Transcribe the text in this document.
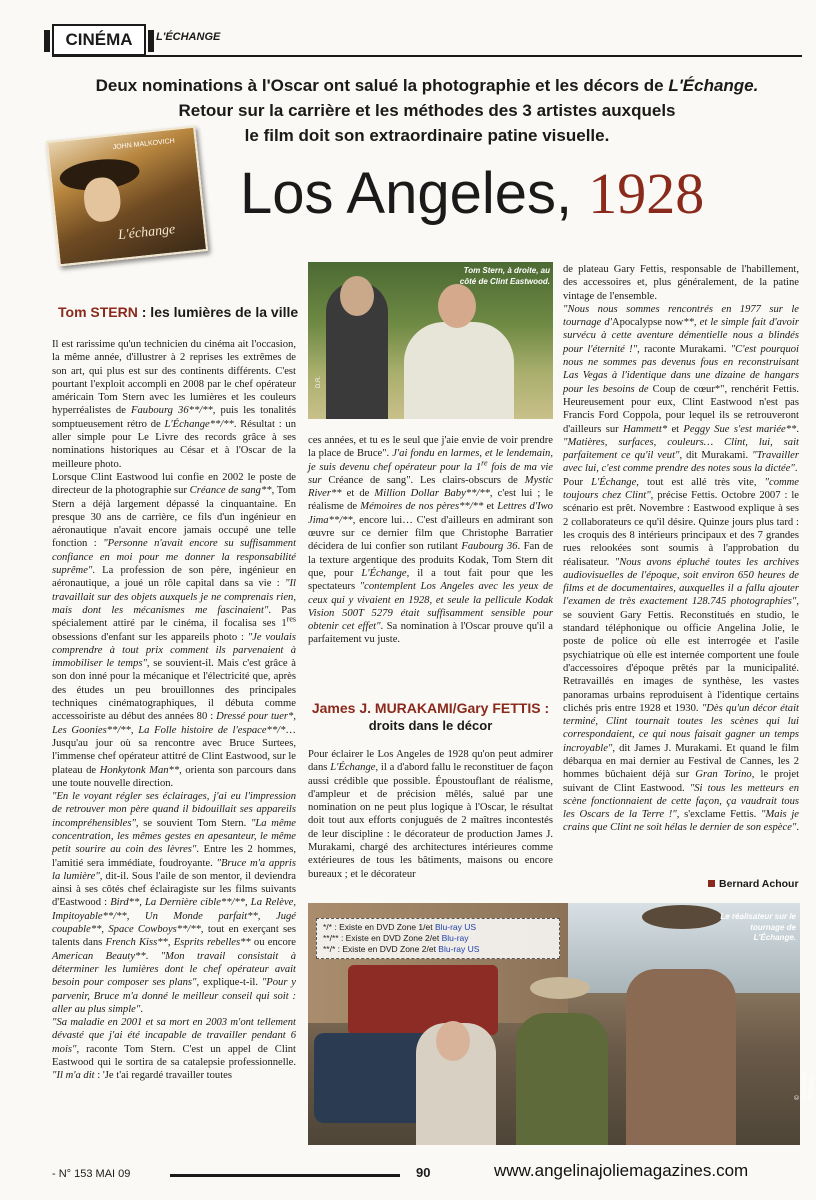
CINÉMA	L'ÉCHANGE
Deux nominations à l'Oscar ont salué la photographie et les décors de L'Échange.
Retour sur la carrière et les méthodes des 3 artistes auxquels
le film doit son extraordinaire patine visuelle.
JOHN MALKOVICH
L'échange
Los Angeles, 1928
Tom STERN : les lumières de la ville
Il est rarissime qu'un technicien du cinéma ait l'occasion, la même année, d'illustrer à 2 reprises les extrêmes de son art, qui plus est sur des continents différents. C'est pourtant l'exploit accompli en 2008 par le chef opérateur américain Tom Stern avec les lumières et les couleurs hyperréalistes de Faubourg 36**/**, puis les tonalités somptueusement rétro de L'Échange**/**. Résultat : un aller simple pour Le Livre des records grâce à ses nominations historiques au César et à l'Oscar de la meilleure photo.
Lorsque Clint Eastwood lui confie en 2002 le poste de directeur de la photographie sur Créance de sang**, Tom Stern a déjà largement dépassé la cinquantaine. En presque 30 ans de carrière, ce fils d'un ingénieur en aéronautique n'avait encore jamais occupé une telle fonction : "Personne n'avait encore su suffisamment confiance en moi pour me donner la responsabilité suprême". La profession de son père, ingénieur en aéronautique, a joué un rôle capital dans sa vie : "Il travaillait sur des objets auxquels je ne comprenais rien, mais dont les mécanismes me fascinaient". Pas spécialement attiré par le cinéma, il focalisa ses 1res obsessions d'enfant sur les appareils photo : "Je voulais comprendre à tout prix comment ils parvenaient à immobiliser le temps", se souvient-il. Mais c'est grâce à son don inné pour la mécanique et l'électricité que, après des études un peu brouillonnes des principales techniques cinématographiques, il débuta comme accessoiriste au début des années 80 : Dressé pour tuer*, Les Goonies**/**, La Folle histoire de l'espace**/*… Jusqu'au jour où sa rencontre avec Bruce Surtees, l'immense chef opérateur attitré de Clint Eastwood, sur le plateau de Honkytonk Man**, orienta son parcours dans une toute nouvelle direction.
"En le voyant régler ses éclairages, j'ai eu l'impression de retrouver mon père quand il bidouillait ses appareils incompréhensibles", se souvient Tom Stern. "La même concentration, les mêmes gestes en apesanteur, le même petit sourire au coin des lèvres". Entre les 2 hommes, l'amitié sera immédiate, foudroyante. "Bruce m'a appris la lumière", dit-il. Sous l'aile de son mentor, il deviendra ainsi à ses côtés chef éclairagiste sur les films suivants d'Eastwood : Bird**, La Dernière cible**/**, La Relève, Impitoyable**/**, Un Monde parfait**, Jugé coupable**, Space Cowboys**/**, tout en exerçant ses talents dans French Kiss**, Esprits rebelles** ou encore American Beauty**. "Mon travail consistait à déterminer les lumières dont le chef opérateur avait besoin pour composer ses plans", explique-t-il. "Pour y parvenir, Bruce m'a donné le meilleur conseil qui soit : aller au plus simple".
"Sa maladie en 2001 et sa mort en 2003 m'ont tellement dévasté que j'ai été incapable de travailler pendant 6 mois", raconte Tom Stern. C'est un appel de Clint Eastwood qui le sortira de sa catalepsie professionnelle. "Il m'a dit : 'Je t'ai regardé travailler toutes
Tom Stern, à droite, au côté de Clint Eastwood.
D.R.
ces années, et tu es le seul que j'aie envie de voir prendre la place de Bruce". J'ai fondu en larmes, et le lendemain, je suis devenu chef opérateur pour la 1re fois de ma vie sur Créance de sang". Les clairs-obscurs de Mystic River** et de Million Dollar Baby**/**, c'est lui ; le réalisme de Mémoires de nos pères**/** et Lettres d'Iwo Jima**/**, encore lui… C'est d'ailleurs en admirant son œuvre sur ce dernier film que Christophe Barratier décidera de lui confier son rutilant Faubourg 36. Fan de la texture argentique des produits Kodak, Tom Stern dit que, pour L'Échange, il a tout fait pour que les spectateurs "contemplent Los Angeles avec les yeux de ceux qui y vivaient en 1928, et seule la pellicule Kodak Vision 500T 5279 était suffisamment sensible pour obtenir cet effet". Sa nomination à l'Oscar prouve qu'il a parfaitement vu juste.
James J. MURAKAMI/Gary FETTIS :
droits dans le décor
Pour éclairer le Los Angeles de 1928 qu'on peut admirer dans L'Échange, il a d'abord fallu le reconstituer de façon aussi crédible que possible. Époustouflant de réalisme, d'ampleur et de précision mêlés, salué par une nomination on ne peut plus logique à l'Oscar, le résultat doit tout aux efforts conjugués de 2 maîtres incontestés de leur discipline : le décorateur de production James J. Murakami, chargé des architectures intérieures comme extérieures de tous les bâtiments, maisons ou encore bureaux ; et le décorateur
de plateau Gary Fettis, responsable de l'habillement, des accessoires et, plus généralement, de la patine vintage de l'ensemble.
"Nous nous sommes rencontrés en 1977 sur le tournage d'Apocalypse now**, et le simple fait d'avoir survécu à cette aventure démentielle nous a blindés pour l'éternité !", raconte Murakami. "C'est pourquoi nous ne sommes pas devenus fous en reconstruisant Las Vegas à l'identique dans une dizaine de hangars pour les besoins de Coup de cœur*", renchérit Fettis. Heureusement pour eux, Clint Eastwood n'est pas Francis Ford Coppola, pour lequel ils se retrouveront d'ailleurs sur Hammett* et Peggy Sue s'est mariée**. "Matières, surfaces, couleurs… Clint, lui, sait parfaitement ce qu'il veut", dit Murakami. "Travailler avec lui, c'est comme prendre des notes sous la dictée".
Pour L'Échange, tout est allé très vite, "comme toujours chez Clint", précise Fettis. Octobre 2007 : le scénario est prêt. Novembre : Eastwood explique à ses 2 collaborateurs ce qu'il désire. Quinze jours plus tard : les croquis des 8 intérieurs principaux et des 7 grandes rues relookées sont soumis à l'approbation du réalisateur. "Nous avons épluché toutes les archives audiovisuelles de l'époque, soit environ 650 heures de films et de documentaires, auxquelles il a fallu ajouter l'examen de très exactement 128.745 photographies", se souvient Gary Fettis. Reconstitués en studio, le standard téléphonique ou officie Angelina Jolie, le poste de police où elle est interrogée et l'asile psychiatrique où elle est internée comportent une foule d'accessoires d'époque prêtés par la municipalité. Retravaillés en images de synthèse, les vastes panoramas urbains reproduisent à l'identique certains clichés pris entre 1928 et 1930. "Dès qu'un décor était terminé, Clint tournait toutes les scènes qui lui correspondaient, ce qui nous faisait gagner un temps incroyable", dit James J. Murakami. Et quand le film débarqua en mai dernier au Festival de Cannes, les 2 hommes bûchaient déjà sur Gran Torino, le projet suivant de Clint Eastwood. "Si tous les metteurs en scène fonctionnaient de cette façon, ça vaudrait tous les Oscars de la Terre !", s'exclame Fettis. "Mais je crains que Clint ne soit hélas le dernier de son espèce".
Bernard Achour
Le réalisateur sur le tournage de L'Échange.
© Universal Pictures
*/* : Existe en DVD Zone 1/et Blu-ray US
**/** : Existe en DVD Zone 2/et Blu-ray
**/* : Existe en DVD Zone 2/et Blu-ray US
- N° 153 MAI 09	90	www.angelinajoliemagazines.com
